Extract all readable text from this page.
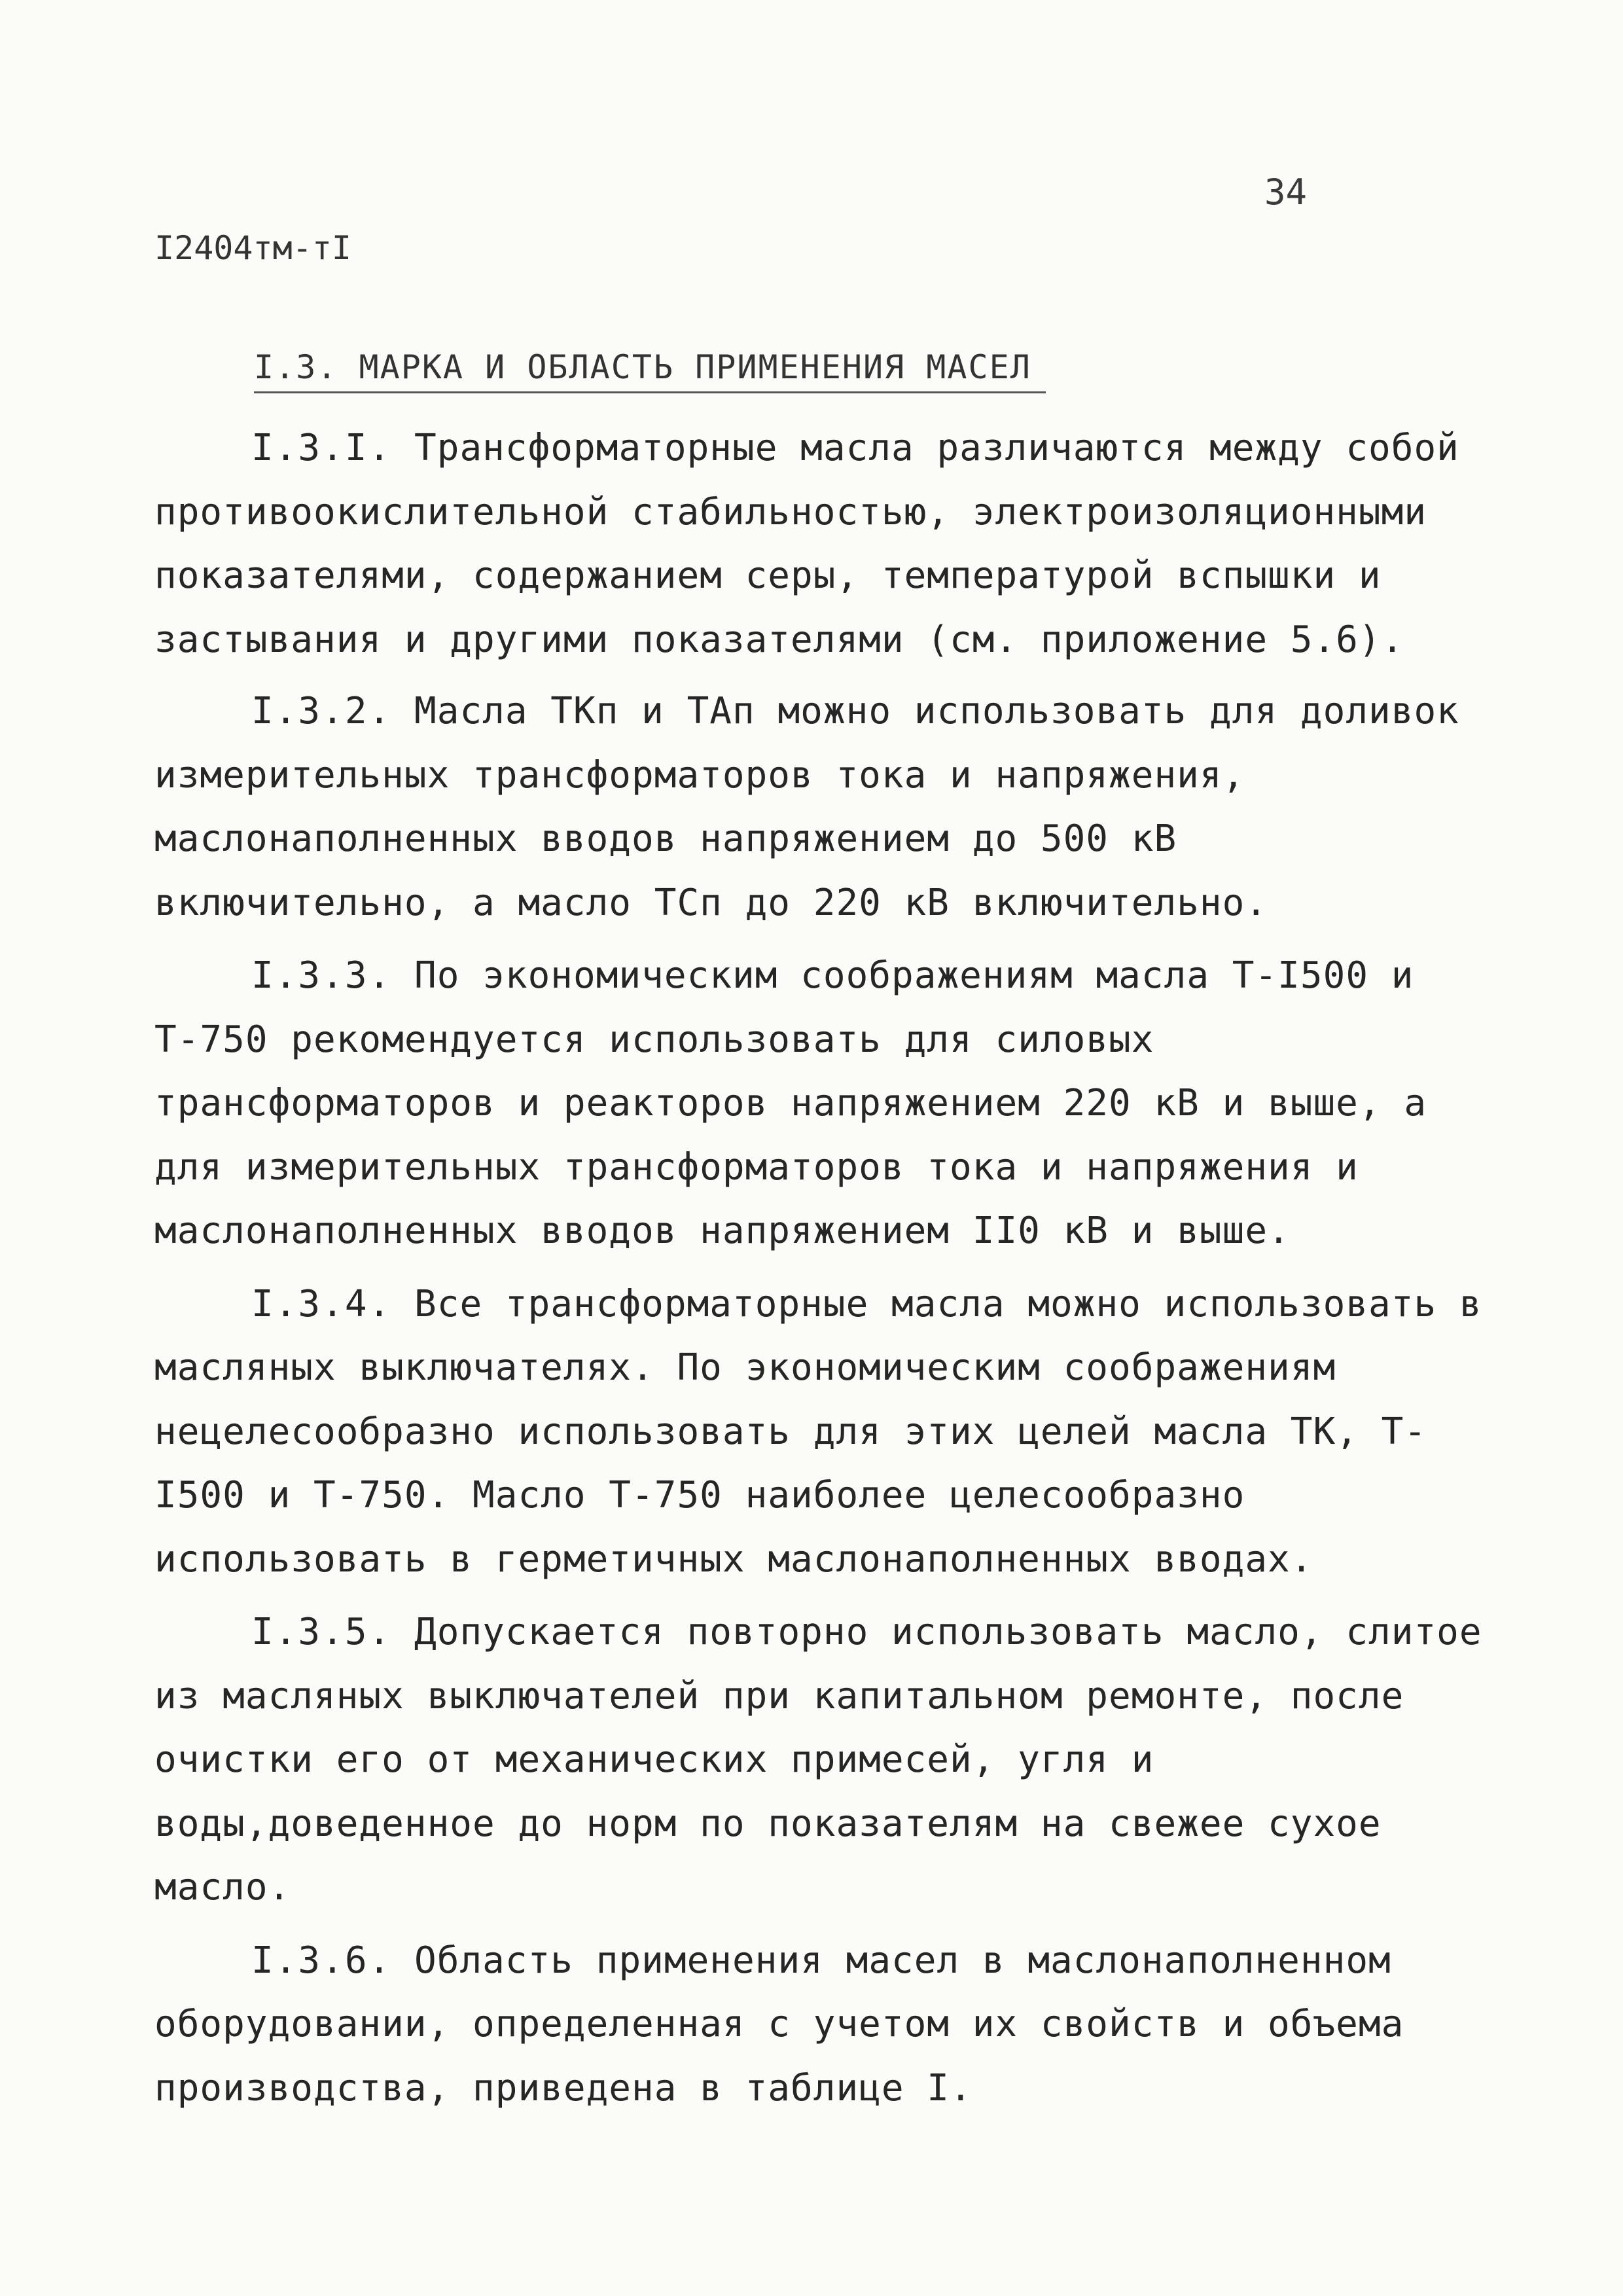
34
I2404тм-тI
I.3. МАРКА И ОБЛАСТЬ ПРИМЕНЕНИЯ МАСЕЛ

I.3.I. Трансформаторные масла различаются между собой противоокислительной стабильностью, электроизоляционными показателями, содержанием серы, температурой вспышки и застывания и другими показателями (см. приложение 5.6).

I.3.2. Масла ТКп и ТАп можно использовать для доливок измерительных трансформаторов тока и напряжения, маслонаполненных вводов напряжением до 500 кВ включительно, а масло ТСп до 220 кВ включительно.

I.3.3. По экономическим соображениям масла Т-I500 и Т-750 рекомендуется использовать для силовых трансформаторов и реакторов напряжением 220 кВ и выше, а для измерительных трансформаторов тока и напряжения и маслонаполненных вводов напряжением II0 кВ и выше.

I.3.4. Все трансформаторные масла можно использовать в масляных выключателях. По экономическим соображениям нецелесообразно использовать для этих целей масла ТК, Т- I500 и Т-750. Масло Т-750 наиболее целесообразно использовать в герметичных маслонаполненных вводах.

I.3.5. Допускается повторно использовать масло, слитое из масляных выключателей при капитальном ремонте, после очистки его от механических примесей, угля и воды,доведенное до норм по показателям на свежее сухое масло.

I.3.6. Область применения масел в маслонаполненном оборудовании, определенная с учетом их свойств и объема производства, приведена в таблице I.
